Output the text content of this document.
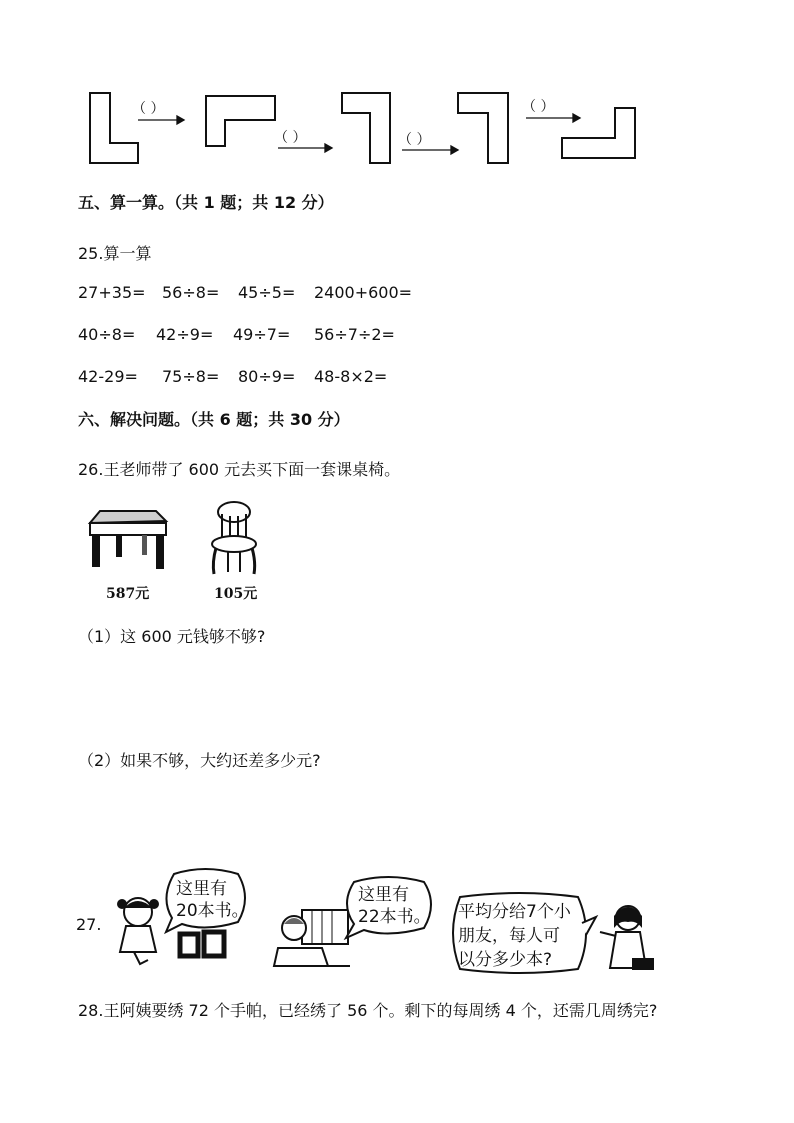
（ ）
（ ）	（ ）
（ ）
五、算一算。（共 1 题；共 12 分）
25.算一算
27+35= 56÷8= 45÷5= 2400+600=
40÷8= 42÷9= 49÷7= 56÷7÷2=
42-29= 75÷8= 80÷9= 48-8×2=
六、解决问题。（共 6 题；共 30 分）
26.王老师带了 600 元去买下面一套课桌椅。
587元	105元
（1）这 600 元钱够不够?
（2）如果不够，大约还差多少元?
27.
这里有
20本书。
这里有
22本书。 平均分给7个小
朋友，每人可
以分多少本?
28.王阿姨要绣 72 个手帕，已经绣了 56 个。剩下的每周绣 4 个，还需几周绣完?
